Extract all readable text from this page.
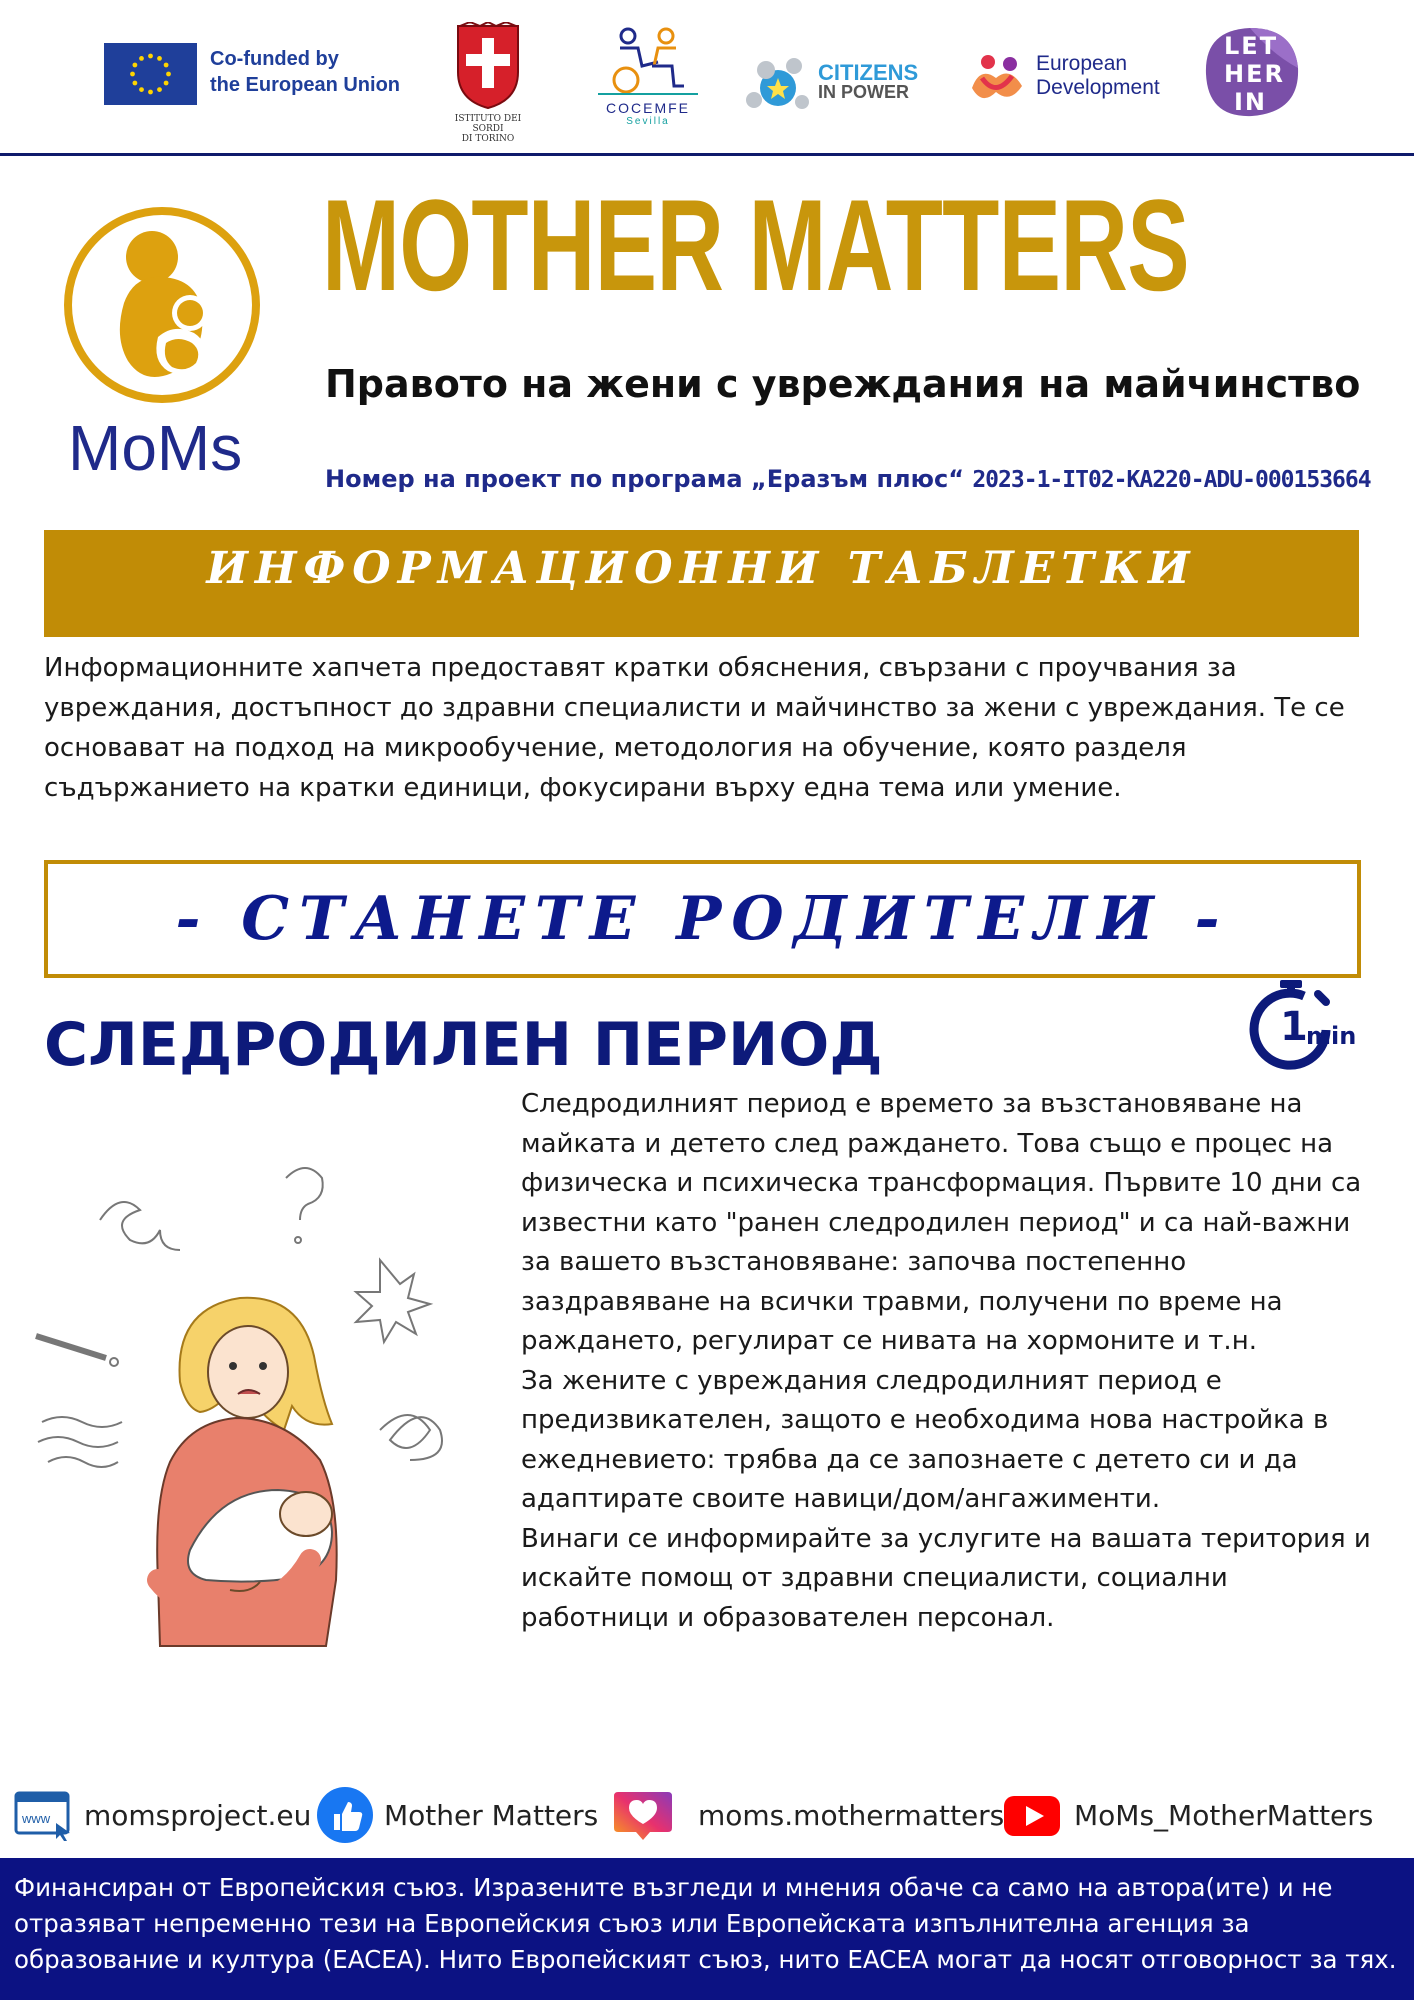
Co-funded by
the European Union
ISTITUTO DEI SORDI
DI TORINO
COCEMFE
Sevilla
CITIZENS
IN POWER
European
Development
LET
HER
IN
MoMs
MOTHER MATTERS
Правото на жени с увреждания на майчинство
Номер на проект по програма „Еразъм плюс“ 2023-1-IT02-KA220-ADU-000153664
ИНФОРМАЦИОННИ ТАБЛЕТКИ
Информационните хапчета предоставят кратки обяснения, свързани с проучвания за увреждания, достъпност до здравни специалисти и майчинство за жени с увреждания. Те се основават на подход на микрообучение, методология на обучение, която разделя съдържанието на кратки единици, фокусирани върху една тема или умение.
- СТАНЕТЕ РОДИТЕЛИ -
СЛЕДРОДИЛЕН ПЕРИОД	1
min
Следродилният период е времето за възстановяване на майката и детето след раждането. Това също е процес на физическа и психическа трансформация. Първите 10 дни са известни като "ранен следродилен период" и са най-важни за вашето възстановяване: започва постепенно заздравяване на всички травми, получени по време на раждането, регулират се нивата на хормоните и т.н.
За жените с увреждания следродилният период е предизвикателен, защото е необходима нова настройка в ежедневието: трябва да се запознаете с детето си и да адаптирате своите навици/дом/ангажименти.
Винаги се информирайте за услугите на вашата територия и искайте помощ от здравни специалисти, социални работници и образователен персонал.
www momsproject.eu	Mother Matters	moms.mothermatters MoMs_MotherMatters
Финансиран от Европейския съюз. Изразените възгледи и мнения обаче са само на автора(ите) и не отразяват непременно тези на Европейския съюз или Европейската изпълнителна агенция за образование и култура (EACEA). Нито Европейският съюз, нито EACEA могат да носят отговорност за тях.
